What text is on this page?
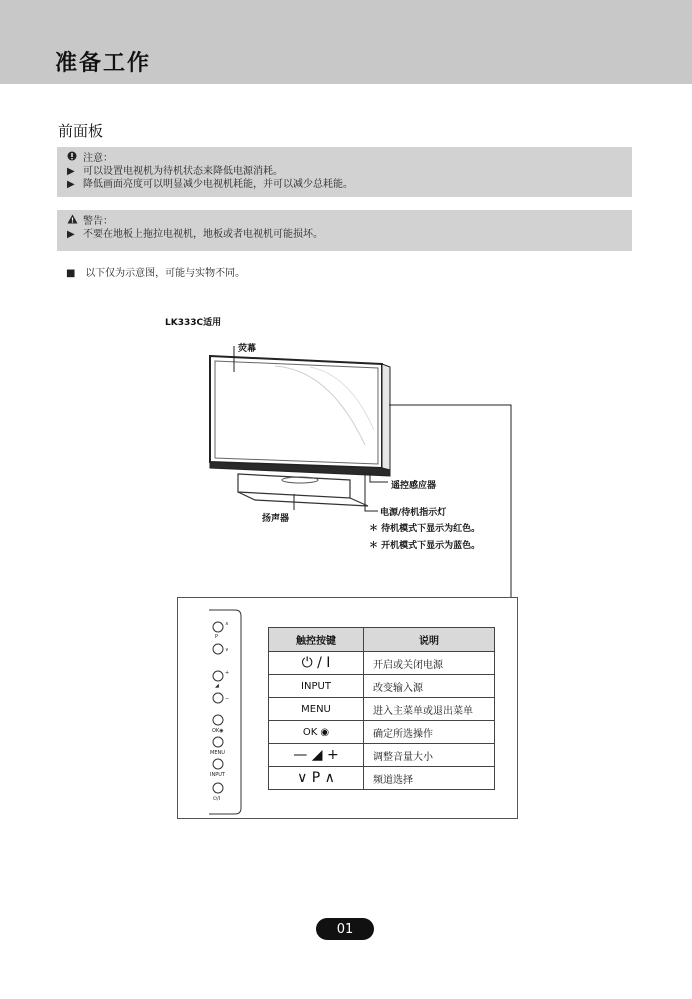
准备工作
前面板
注意：
▶ 可以设置电视机为待机状态来降低电源消耗。
▶ 降低画面亮度可以明显减少电视机耗能，并可以减少总耗能。
警告：
▶ 不要在地板上拖拉电视机，地板或者电视机可能损坏。
■ 以下仅为示意图，可能与实物不同。
LK333C适用
荧幕
遥控感应器
扬声器
电源/待机指示灯
＊ 待机模式下显示为红色。
＊ 开机模式下显示为蓝色。
∧
P
∨
+
◢
−
OK◉
MENU
INPUT
⏻/I
触控按键	说明
⏻ / I	开启或关闭电源
INPUT	改变输入源
MENU	进入主菜单或退出菜单
OK ◉	确定所选操作
— ◢ +	调整音量大小
∨ P ∧	频道选择
01
